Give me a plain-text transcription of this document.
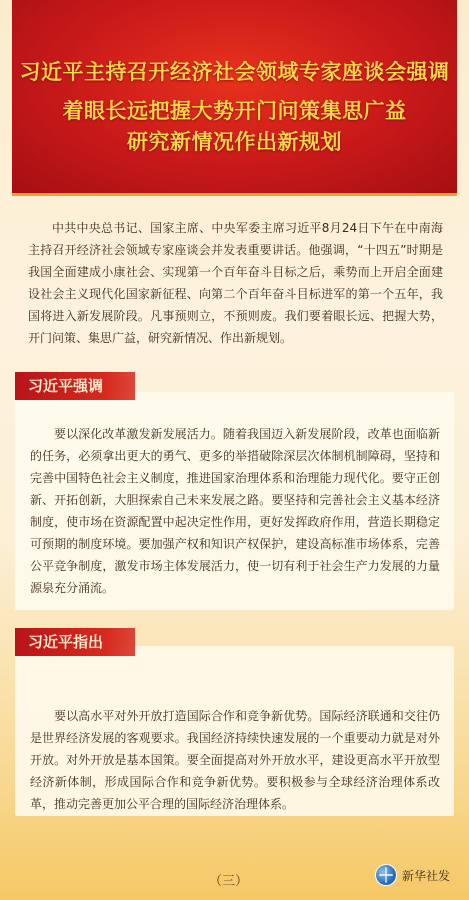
习近平主持召开经济社会领域专家座谈会强调
着眼长远把握大势开门问策集思广益
研究新情况作出新规划

中共中央总书记、国家主席、中央军委主席习近平8月24日下午在中南海主持召开经济社会领域专家座谈会并发表重要讲话。他强调，“十四五”时期是我国全面建成小康社会、实现第一个百年奋斗目标之后，乘势而上开启全面建设社会主义现代化国家新征程、向第二个百年奋斗目标进军的第一个五年，我国将进入新发展阶段。凡事预则立，不预则废。我们要着眼长远、把握大势，开门问策、集思广益，研究新情况、作出新规划。

习近平强调

要以深化改革激发新发展活力。随着我国迈入新发展阶段，改革也面临新的任务，必须拿出更大的勇气、更多的举措破除深层次体制机制障碍，坚持和完善中国特色社会主义制度，推进国家治理体系和治理能力现代化。要守正创新、开拓创新，大胆探索自己未来发展之路。要坚持和完善社会主义基本经济制度，使市场在资源配置中起决定性作用，更好发挥政府作用，营造长期稳定可预期的制度环境。要加强产权和知识产权保护，建设高标准市场体系，完善公平竞争制度，激发市场主体发展活力，使一切有利于社会生产力发展的力量源泉充分涌流。

习近平指出

要以高水平对外开放打造国际合作和竞争新优势。国际经济联通和交往仍是世界经济发展的客观要求。我国经济持续快速发展的一个重要动力就是对外开放。对外开放是基本国策。要全面提高对外开放水平，建设更高水平开放型经济新体制，形成国际合作和竞争新优势。要积极参与全球经济治理体系改革，推动完善更加公平合理的国际经济治理体系。

（三）	新华社发
